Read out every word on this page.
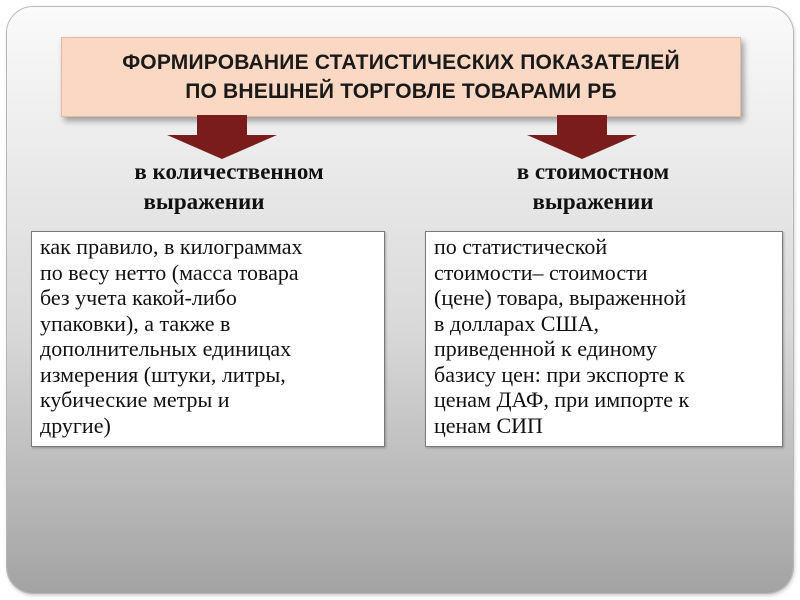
ФОРМИРОВАНИЕ СТАТИСТИЧЕСКИХ ПОКАЗАТЕЛЕЙ
ПО ВНЕШНЕЙ ТОРГОВЛЕ ТОВАРАМИ РБ
в количественном
выражении
в стоимостном
выражении
как правило, в килограммах
по весу нетто (масса товара
без учета какой-либо
упаковки), а также в
дополнительных единицах
измерения (штуки, литры,
кубические метры и
другие)
по статистической
стоимости– стоимости
(цене) товара, выраженной
в долларах США,
приведенной к единому
базису цен: при экспорте к
ценам ДАФ, при импорте к
ценам СИП
